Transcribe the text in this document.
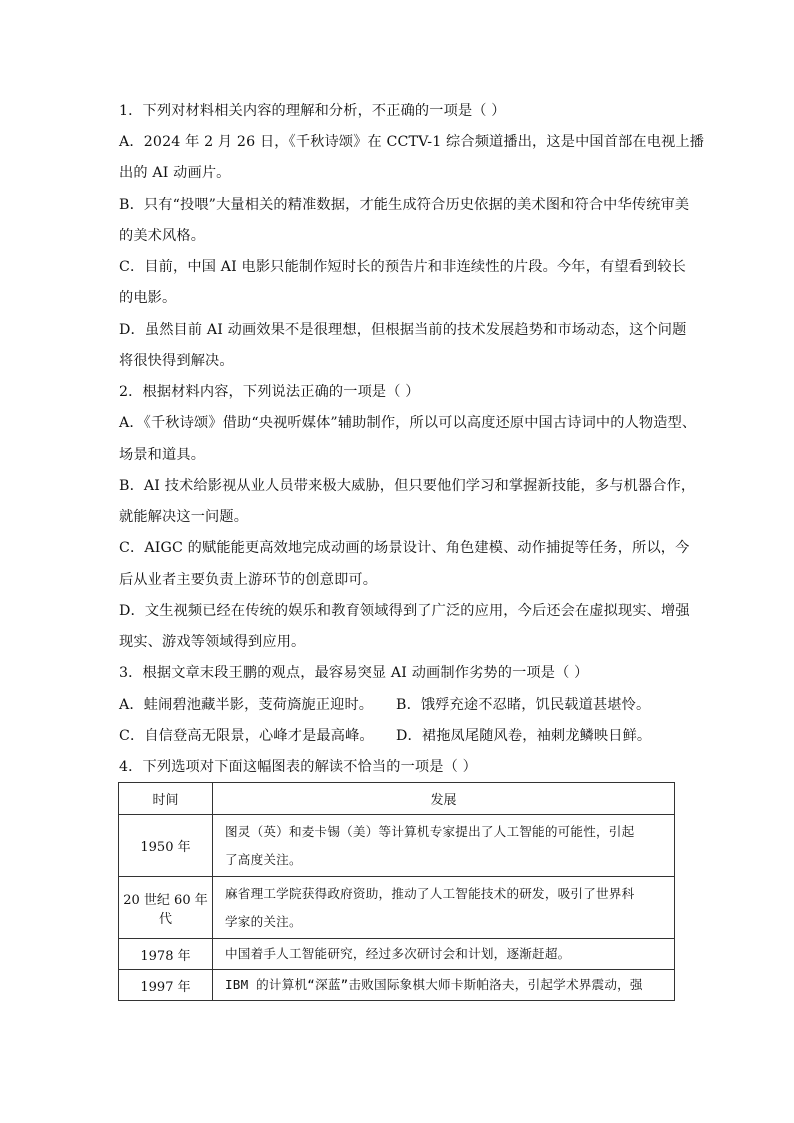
1．下列对材料相关内容的理解和分析，不正确的一项是（ ）
A．2024 年 2 月 26 日，《千秋诗颂》在 CCTV-1 综合频道播出，这是中国首部在电视上播
出的 AI 动画片。
B．只有“投喂”大量相关的精准数据，才能生成符合历史依据的美术图和符合中华传统审美
的美术风格。
C．目前，中国 AI 电影只能制作短时长的预告片和非连续性的片段。今年，有望看到较长
的电影。
D．虽然目前 AI 动画效果不是很理想，但根据当前的技术发展趋势和市场动态，这个问题
将很快得到解决。
2．根据材料内容，下列说法正确的一项是（ ）
A．《千秋诗颂》借助“央视听媒体”辅助制作，所以可以高度还原中国古诗词中的人物造型、
场景和道具。
B．AI 技术给影视从业人员带来极大威胁，但只要他们学习和掌握新技能，多与机器合作，
就能解决这一问题。
C．AIGC 的赋能能更高效地完成动画的场景设计、角色建模、动作捕捉等任务，所以，今
后从业者主要负责上游环节的创意即可。
D．文生视频已经在传统的娱乐和教育领域得到了广泛的应用，今后还会在虚拟现实、增强
现实、游戏等领域得到应用。
3．根据文章末段王鹏的观点，最容易突显 AI 动画制作劣势的一项是（ ）
A．蛙闹碧池藏半影，芰荷旖旎正迎时。 B．饿殍充途不忍睹，饥民载道甚堪怜。
C．自信登高无限景，心峰才是最高峰。 D．裙拖凤尾随风卷，袖刺龙鳞映日鲜。
4．下列选项对下面这幅图表的解读不恰当的一项是（ ）
时间	发展
1950 年	图灵（英）和麦卡锡（美）等计算机专家提出了人工智能的可能性，引起
了高度关注。

20 世纪 60 年代	麻省理工学院获得政府资助，推动了人工智能技术的研发，吸引了世界科
学家的关注。

1978 年	中国着手人工智能研究，经过多次研讨会和计划，逐渐赶超。

1997 年	IBM 的计算机“深蓝”击败国际象棋大师卡斯帕洛夫，引起学术界震动，强
